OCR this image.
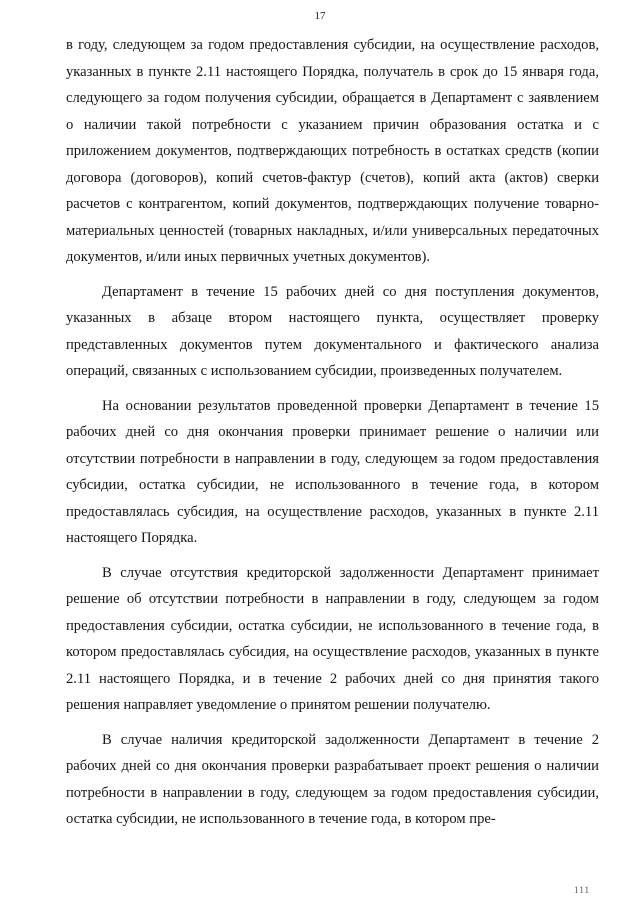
17

в году, следующем за годом предоставления субсидии, на осуществление расходов, указанных в пункте 2.11 настоящего Порядка, получатель в срок до 15 января года, следующего за годом получения субсидии, обращается в Департамент с заявлением о наличии такой потребности с указанием причин образования остатка и с приложением документов, подтверждающих потребность в остатках средств (копии договора (договоров), копий счетов-фактур (счетов), копий акта (актов) сверки расчетов с контрагентом, копий документов, подтверждающих получение товарно-материальных ценностей (товарных накладных, и/или универсальных передаточных документов, и/или иных первичных учетных документов).

Департамент в течение 15 рабочих дней со дня поступления документов, указанных в абзаце втором настоящего пункта, осуществляет проверку представленных документов путем документального и фактического анализа операций, связанных с использованием субсидии, произведенных получателем.

На основании результатов проведенной проверки Департамент в течение 15 рабочих дней со дня окончания проверки принимает решение о наличии или отсутствии потребности в направлении в году, следующем за годом предоставления субсидии, остатка субсидии, не использованного в течение года, в котором предоставлялась субсидия, на осуществление расходов, указанных в пункте 2.11 настоящего Порядка.

В случае отсутствия кредиторской задолженности Департамент принимает решение об отсутствии потребности в направлении в году, следующем за годом предоставления субсидии, остатка субсидии, не использованного в течение года, в котором предоставлялась субсидия, на осуществление расходов, указанных в пункте 2.11 настоящего Порядка, и в течение 2 рабочих дней со дня принятия такого решения направляет уведомление о принятом решении получателю.

В случае наличия кредиторской задолженности Департамент в течение 2 рабочих дней со дня окончания проверки разрабатывает проект решения о наличии потребности в направлении в году, следующем за годом предоставления субсидии, остатка субсидии, не использованного в течение года, в котором пре-

111
